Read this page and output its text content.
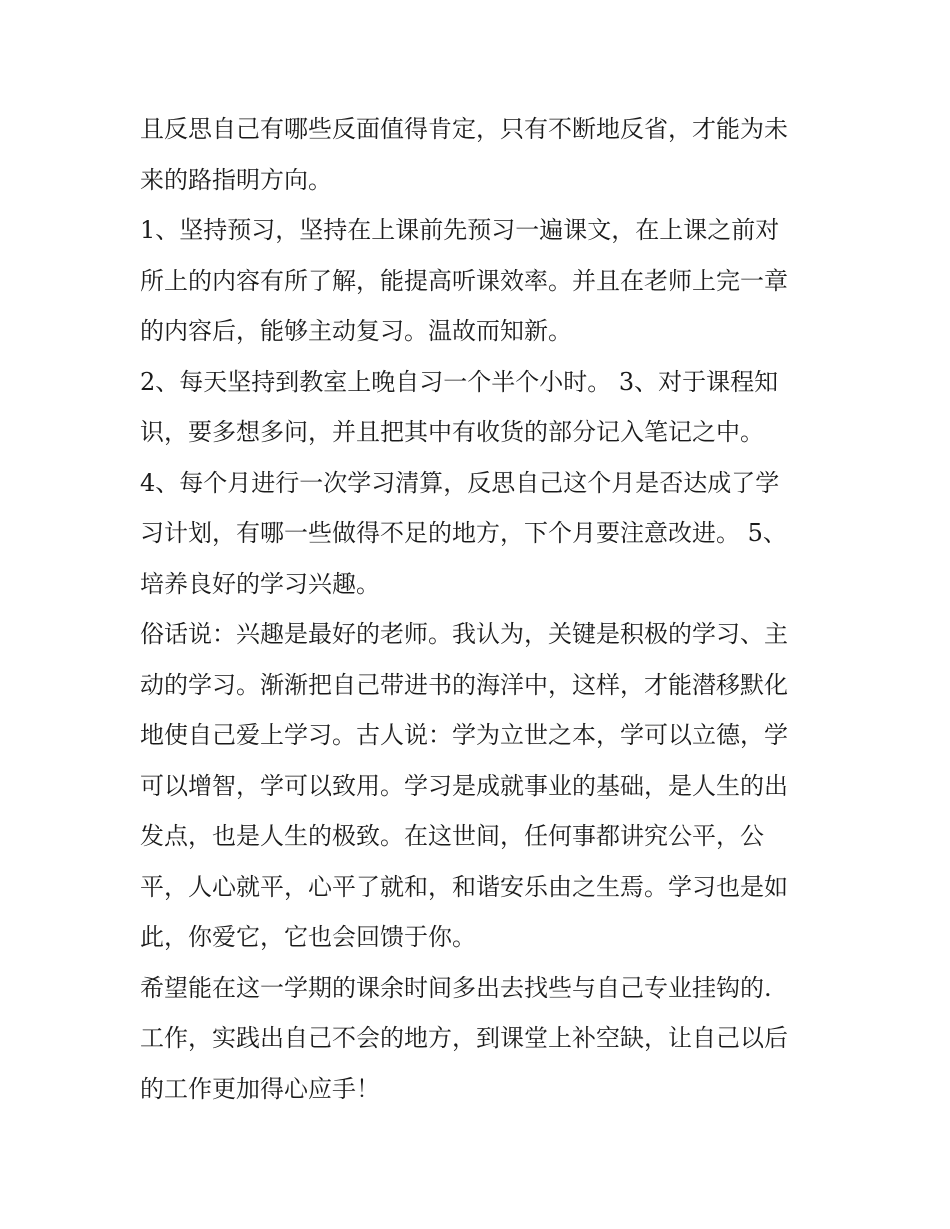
且反思自己有哪些反面值得肯定，只有不断地反省，才能为未
来的路指明方向。
1、坚持预习，坚持在上课前先预习一遍课文，在上课之前对
所上的内容有所了解，能提高听课效率。并且在老师上完一章
的内容后，能够主动复习。温故而知新。
2、每天坚持到教室上晚自习一个半个小时。 3、对于课程知
识，要多想多问，并且把其中有收货的部分记入笔记之中。
4、每个月进行一次学习清算，反思自己这个月是否达成了学
习计划，有哪一些做得不足的地方，下个月要注意改进。 5、
培养良好的学习兴趣。
俗话说：兴趣是最好的老师。我认为，关键是积极的学习、主
动的学习。渐渐把自己带进书的海洋中，这样，才能潜移默化
地使自己爱上学习。古人说：学为立世之本，学可以立德，学
可以增智，学可以致用。学习是成就事业的基础，是人生的出
发点，也是人生的极致。在这世间，任何事都讲究公平，公
平，人心就平，心平了就和，和谐安乐由之生焉。学习也是如
此，你爱它，它也会回馈于你。
希望能在这一学期的课余时间多出去找些与自己专业挂钩的.
工作，实践出自己不会的地方，到课堂上补空缺，让自己以后
的工作更加得心应手！
